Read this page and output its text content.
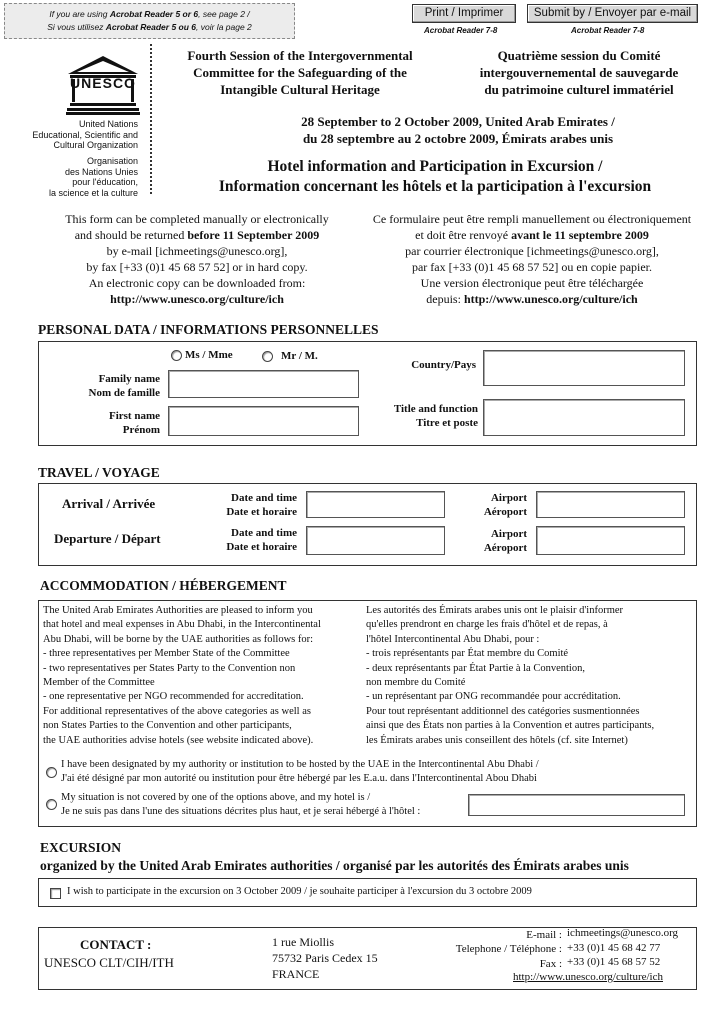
If you are using Acrobat Reader 5 or 6, see page 2 /
Si vous utilisez Acrobat Reader 5 ou 6, voir la page 2
Print / Imprimer
Acrobat Reader 7-8
Submit by / Envoyer par e-mail
Acrobat Reader 7-8
UNESCO
United Nations
Educational, Scientific and
Cultural Organization
Organisation
des Nations Unies
pour l'éducation,
la science et la culture
Fourth Session of the Intergovernmental
Committee for the Safeguarding of the
Intangible Cultural Heritage
Quatrième session du Comité
intergouvernemental de sauvegarde
du patrimoine culturel immatériel
28 September to 2 October 2009, United Arab Emirates /
du 28 septembre au 2 octobre 2009, Émirats arabes unis
Hotel information and Participation in Excursion /
Information concernant les hôtels et la participation à l'excursion
This form can be completed manually or electronically
and should be returned before 11 September 2009
by e-mail [ichmeetings@unesco.org],
by fax [+33 (0)1 45 68 57 52] or in hard copy.
An electronic copy can be downloaded from:
http://www.unesco.org/culture/ich
Ce formulaire peut être rempli manuellement ou électroniquement
et doit être renvoyé avant le 11 septembre 2009
par courrier électronique [ichmeetings@unesco.org],
par fax [+33 (0)1 45 68 57 52] ou en copie papier.
Une version électronique peut être téléchargée
depuis: http://www.unesco.org/culture/ich
PERSONAL DATA / INFORMATIONS PERSONNELLES
Ms / Mme	Mr / M.
Family name
Nom de famille
First name
Prénom
Country/Pays
Title and function
Titre et poste
TRAVEL / VOYAGE
Arrival / Arrivée	Date and time
Date et horaire
Airport
Aéroport
Departure / Départ	Date and time
Date et horaire
Airport
Aéroport
ACCOMMODATION / HÉBERGEMENT
The United Arab Emirates Authorities are pleased to inform you
that hotel and meal expenses in Abu Dhabi, in the Intercontinental
Abu Dhabi, will be borne by the UAE authorities as follows for:
- three representatives per Member State of the Committee
- two representatives per States Party to the Convention non
Member of the Committee
- one representative per NGO recommended for accreditation.
For additional representatives of the above categories as well as
non States Parties to the Convention and other participants,
the UAE authorities advise hotels (see website indicated above).
Les autorités des Émirats arabes unis ont le plaisir d'informer
qu'elles prendront en charge les frais d'hôtel et de repas, à
l'hôtel Intercontinental Abu Dhabi, pour :
- trois représentants par État membre du Comité
- deux représentants par État Partie à la Convention,
non membre du Comité
- un représentant par ONG recommandée pour accréditation.
Pour tout représentant additionnel des catégories susmentionnées
ainsi que des États non parties à la Convention et autres participants,
les Émirats arabes unis conseillent des hôtels (cf. site Internet)
I have been designated by my authority or institution to be hosted by the UAE in the Intercontinental Abu Dhabi /
J'ai été désigné par mon autorité ou institution pour être hébergé par les E.a.u. dans l'Intercontinental Abou Dhabi
My situation is not covered by one of the options above, and my hotel is /
Je ne suis pas dans l'une des situations décrites plus haut, et je serai hébergé à l'hôtel :
EXCURSION
organized by the United Arab Emirates authorities / organisé par les autorités des Émirats arabes unis
I wish to participate in the excursion on 3 October 2009 / je souhaite participer à l'excursion du 3 octobre 2009
CONTACT :
UNESCO CLT/CIH/ITH
1 rue Miollis
75732 Paris Cedex 15
FRANCE
E-mail : ichmeetings@unesco.org
Telephone / Téléphone : +33 (0)1 45 68 42 77
Fax : +33 (0)1 45 68 57 52
http://www.unesco.org/culture/ich
